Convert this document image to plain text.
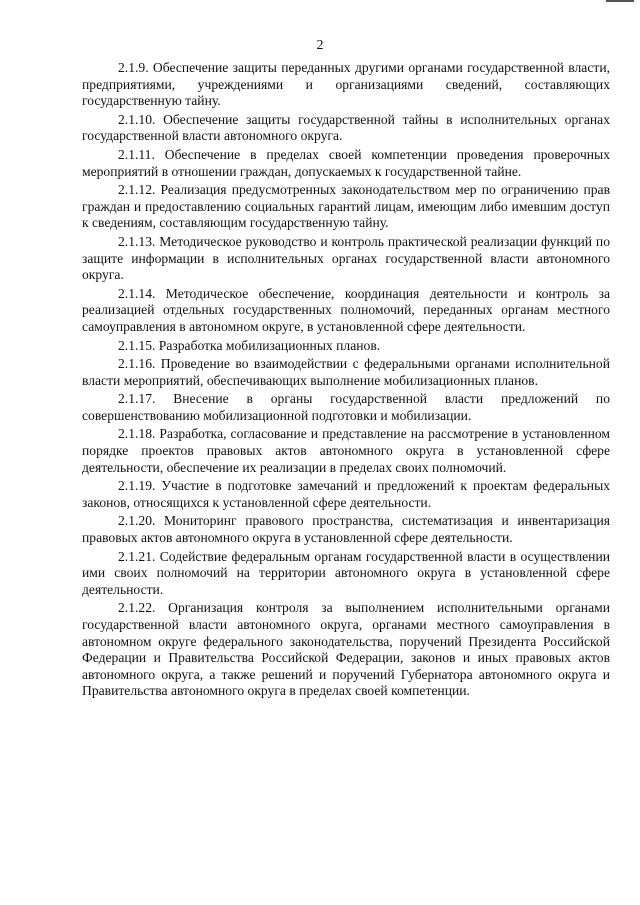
2

2.1.9. Обеспечение защиты переданных другими органами государственной власти, предприятиями, учреждениями и организациями сведений, составляющих государственную тайну.

2.1.10. Обеспечение защиты государственной тайны в исполнительных органах государственной власти автономного округа.

2.1.11. Обеспечение в пределах своей компетенции проведения проверочных мероприятий в отношении граждан, допускаемых к государственной тайне.

2.1.12. Реализация предусмотренных законодательством мер по ограничению прав граждан и предоставлению социальных гарантий лицам, имеющим либо имевшим доступ к сведениям, составляющим государственную тайну.

2.1.13. Методическое руководство и контроль практической реализации функций по защите информации в исполнительных органах государственной власти автономного округа.

2.1.14. Методическое обеспечение, координация деятельности и контроль за реализацией отдельных государственных полномочий, переданных органам местного самоуправления в автономном округе, в установленной сфере деятельности.

2.1.15. Разработка мобилизационных планов.

2.1.16. Проведение во взаимодействии с федеральными органами исполнительной власти мероприятий, обеспечивающих выполнение мобилизационных планов.

2.1.17. Внесение в органы государственной власти предложений по совершенствованию мобилизационной подготовки и мобилизации.

2.1.18. Разработка, согласование и представление на рассмотрение в установленном порядке проектов правовых актов автономного округа в установленной сфере деятельности, обеспечение их реализации в пределах своих полномочий.

2.1.19. Участие в подготовке замечаний и предложений к проектам федеральных законов, относящихся к установленной сфере деятельности.

2.1.20. Мониторинг правового пространства, систематизация и инвентаризация правовых актов автономного округа в установленной сфере деятельности.

2.1.21. Содействие федеральным органам государственной власти в осуществлении ими своих полномочий на территории автономного округа в установленной сфере деятельности.

2.1.22. Организация контроля за выполнением исполнительными органами государственной власти автономного округа, органами местного самоуправления в автономном округе федерального законодательства, поручений Президента Российской Федерации и Правительства Российской Федерации, законов и иных правовых актов автономного округа, а также решений и поручений Губернатора автономного округа и Правительства автономного округа в пределах своей компетенции.
